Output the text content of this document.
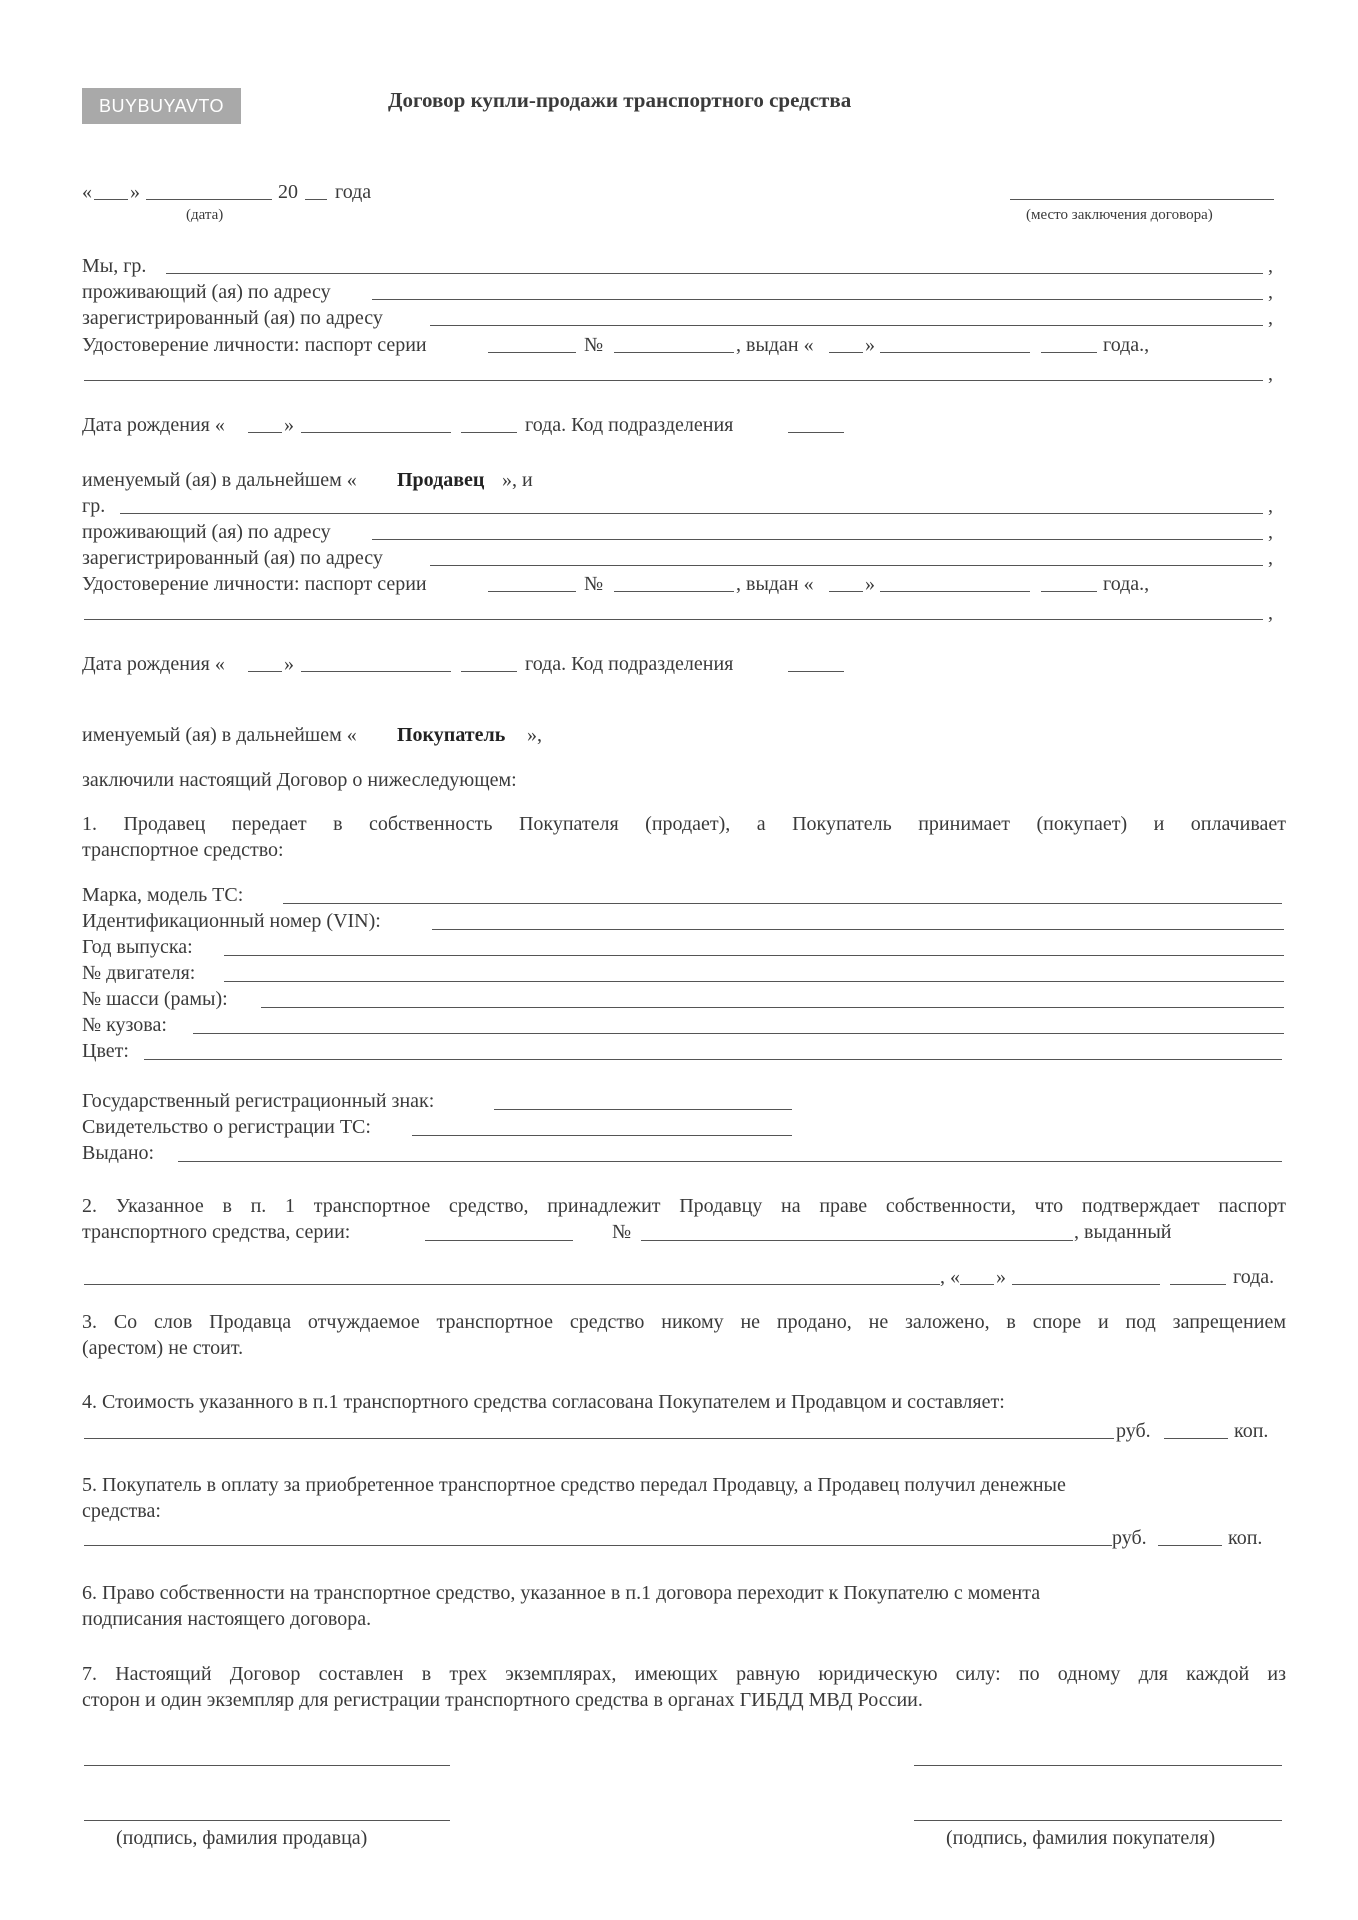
BUYBUYAVTO	Договор купли-продажи транспортного средства
« »	20 года
(дата)	(место заключения договора)
Мы, гр.	,
проживающий (ая) по адресу	,
зарегистрированный (ая) по адресу	,
Удостоверение личности: паспорт серии	№	, выдан «	»	года.,
,
Дата рождения «	»	года. Код подразделения
именуемый (ая) в дальнейшем « Продавец », и
гр.	,
проживающий (ая) по адресу	,
зарегистрированный (ая) по адресу	,
Удостоверение личности: паспорт серии	№	, выдан «	»	года.,
,
Дата рождения «	»	года. Код подразделения
именуемый (ая) в дальнейшем « Покупатель »,
заключили настоящий Договор о нижеследующем:
1. Продавец передает в собственность Покупателя (продает), а Покупатель принимает (покупает) и оплачивает
транспортное средство:
Марка, модель ТС:
Идентификационный номер (VIN):
Год выпуска:
№ двигателя:
№ шасси (рамы):
№ кузова:
Цвет:
Государственный регистрационный знак:
Свидетельство о регистрации ТС:
Выдано:
2. Указанное в п. 1 транспортное средство, принадлежит Продавцу на праве собственности, что подтверждает паспорт
транспортного средства, серии:	№	, выданный
, « »	года.
3. Со слов Продавца отчуждаемое транспортное средство никому не продано, не заложено, в споре и под запрещением
(арестом) не стоит.
4. Стоимость указанного в п.1 транспортного средства согласована Покупателем и Продавцом и составляет:
руб.	коп.
5. Покупатель в оплату за приобретенное транспортное средство передал Продавцу, а Продавец получил денежные
средства:
руб.	коп.
6. Право собственности на транспортное средство, указанное в п.1 договора переходит к Покупателю с момента
подписания настоящего договора.
7. Настоящий Договор составлен в трех экземплярах, имеющих равную юридическую силу: по одному для каждой из
сторон и один экземпляр для регистрации транспортного средства в органах ГИБДД МВД России.
(подпись, фамилия продавца)	(подпись, фамилия покупателя)
